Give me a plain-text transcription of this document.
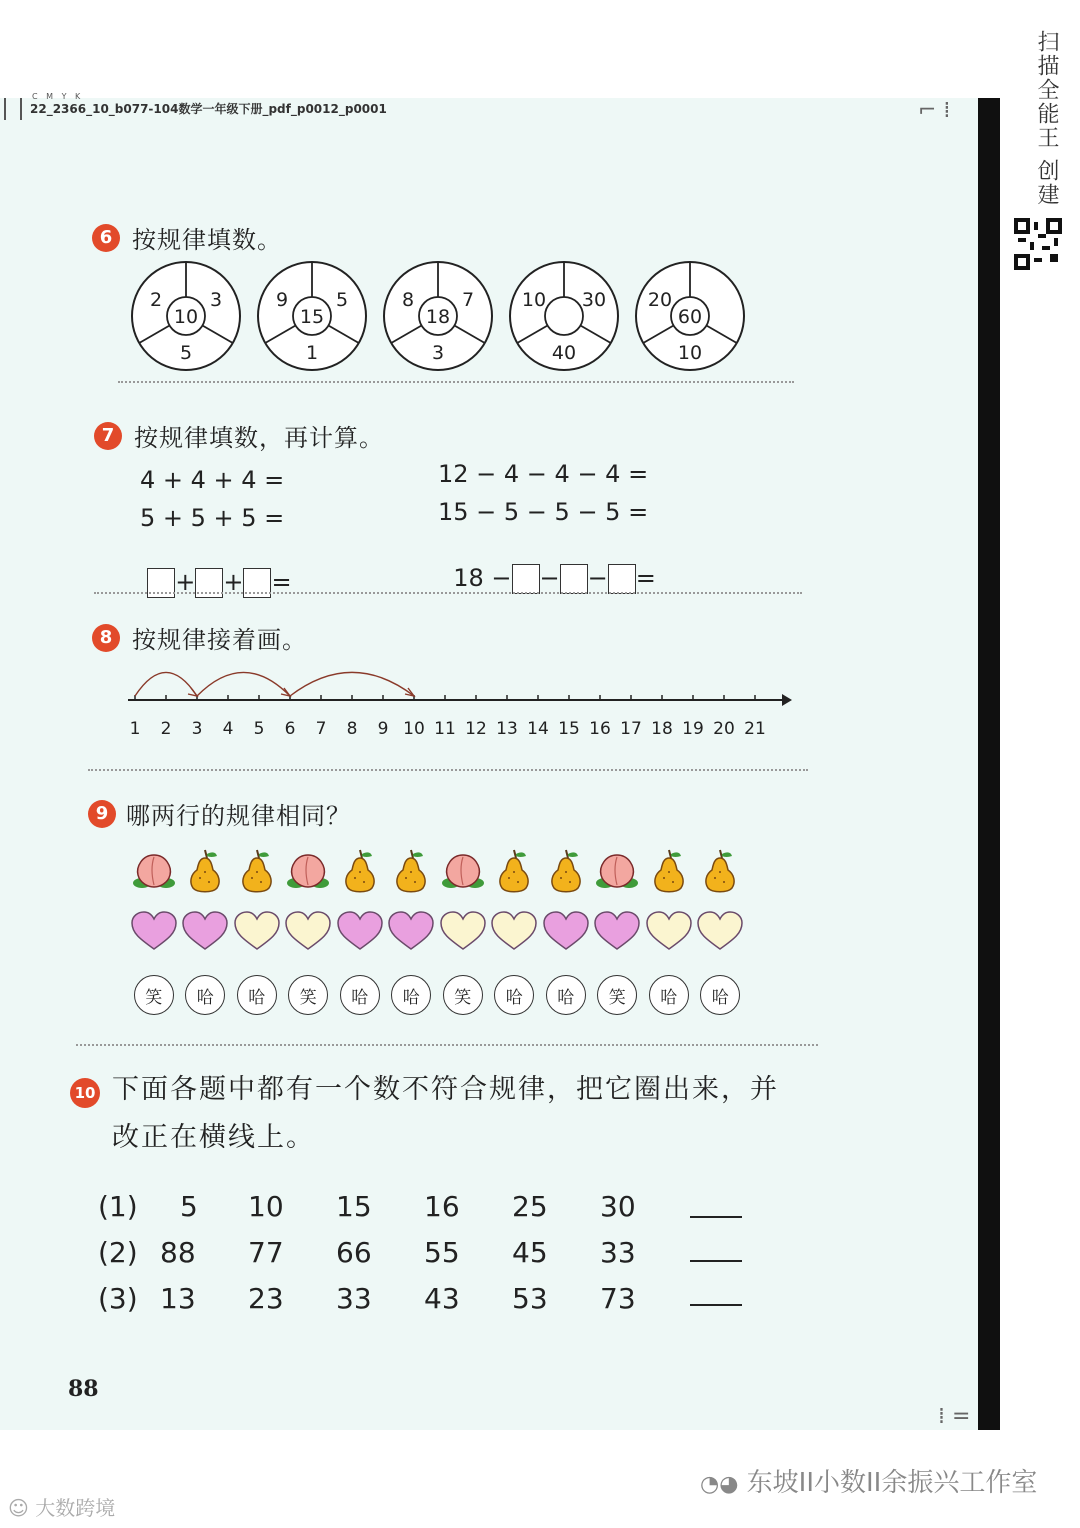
C M Y K
22_2366_10_b077-104数学一年级下册_pdf_p0012_p0001	⌐ ⁞
⁞ =
扫描全能王 创建
6 按规律填数。
2	3
5
10
9	5
1
15
8	7
3
18
10 30
40
20
10
60
7 按规律填数，再计算。
4 + 4 + 4 =
5 + 5 + 5 =

+ + =

12 − 4 − 4 − 4 =
15 − 5 − 5 − 5 =

18 − − − =

8 按规律接着画。
1 2 3 4 5 6 7 8 9 10 11 12 13 14 15 16 17 18 19 20 21
9 哪两行的规律相同？
笑	哈	哈	笑	哈	哈	笑	哈	哈	笑	哈	哈
10 下面各题中都有一个数不符合规律，把它圈出来，并
改正在横线上。
(1) 5 10 15 16 25 30
(2) 88 77 66 55 45 33
(3) 13 23 33 43 53 73
88
◔◕ 东坡II小数II余振兴工作室
☺ 大数跨境
